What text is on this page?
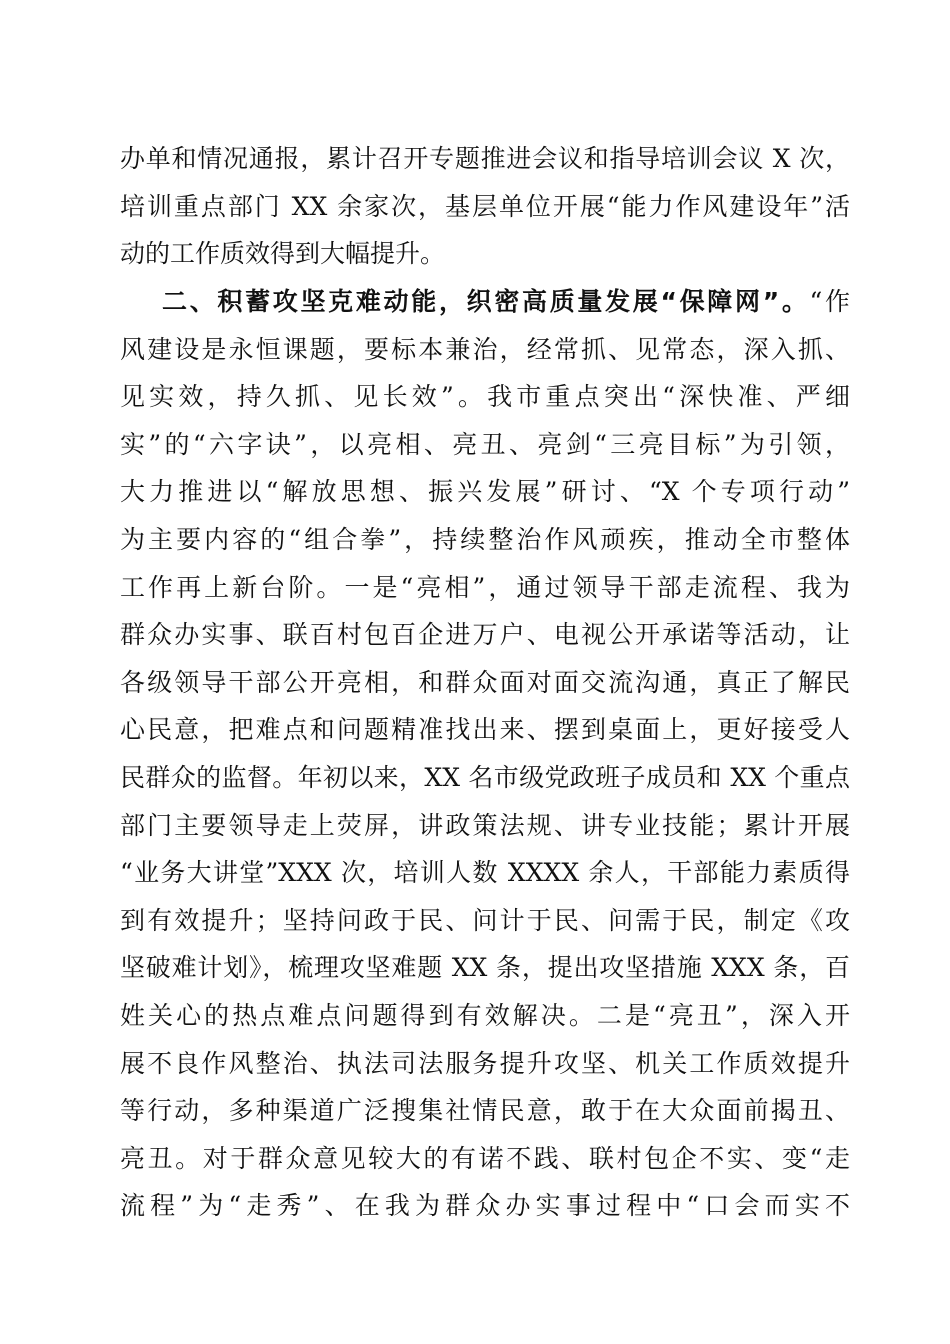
办单和情况通报，累计召开专题推进会议和指导培训会议 X 次，
培训重点部门 XX 余家次，基层单位开展“能力作风建设年”活
动的工作质效得到大幅提升。
二、积蓄攻坚克难动能，织密高质量发展“保障网”。“作
风建设是永恒课题，要标本兼治，经常抓、见常态，深入抓、
见实效，持久抓、见长效”。我市重点突出“深快准、严细
实”的“六字诀”，以亮相、亮丑、亮剑“三亮目标”为引领，
大力推进以“解放思想、振兴发展”研讨、“X 个专项行动”
为主要内容的“组合拳”，持续整治作风顽疾，推动全市整体
工作再上新台阶。一是“亮相”，通过领导干部走流程、我为
群众办实事、联百村包百企进万户、电视公开承诺等活动，让
各级领导干部公开亮相，和群众面对面交流沟通，真正了解民
心民意，把难点和问题精准找出来、摆到桌面上，更好接受人
民群众的监督。年初以来，XX 名市级党政班子成员和 XX 个重点
部门主要领导走上荧屏，讲政策法规、讲专业技能；累计开展
“业务大讲堂”XXX 次，培训人数 XXXX 余人，干部能力素质得
到有效提升；坚持问政于民、问计于民、问需于民，制定《攻
坚破难计划》，梳理攻坚难题 XX 条，提出攻坚措施 XXX 条，百
姓关心的热点难点问题得到有效解决。二是“亮丑”，深入开
展不良作风整治、执法司法服务提升攻坚、机关工作质效提升
等行动，多种渠道广泛搜集社情民意，敢于在大众面前揭丑、
亮丑。对于群众意见较大的有诺不践、联村包企不实、变“走
流程”为“走秀”、在我为群众办实事过程中“口会而实不
